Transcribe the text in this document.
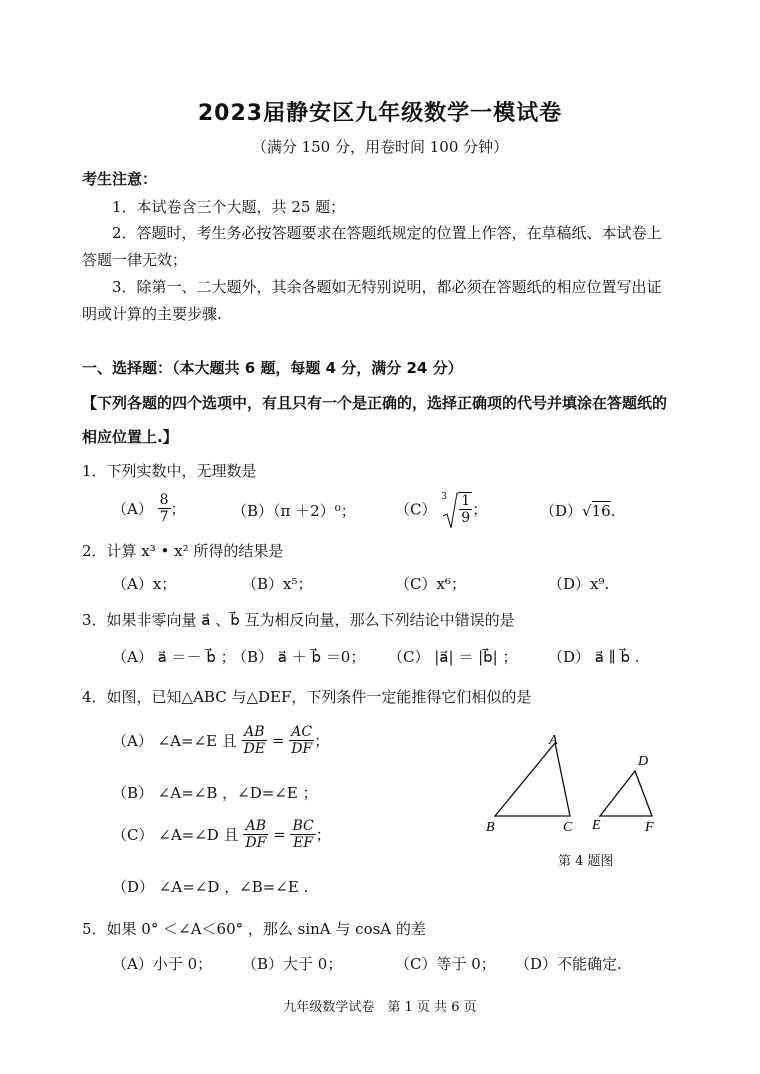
2023届静安区九年级数学一模试卷
（满分 150 分，用卷时间 100 分钟）
考生注意：
1．本试卷含三个大题，共 25 题；
2．答题时，考生务必按答题要求在答题纸规定的位置上作答，在草稿纸、本试卷上
答题一律无效；
3．除第一、二大题外，其余各题如无特别说明，都必须在答题纸的相应位置写出证
明或计算的主要步骤.
一、选择题：（本大题共 6 题，每题 4 分，满分 24 分）
【下列各题的四个选项中，有且只有一个是正确的，选择正确项的代号并填涂在答题纸的
相应位置上.】
1．下列实数中，无理数是
$(A) \frac{8}{7}$ ；	（B）（π ＋2）⁰；	（C）
$3 \frac{1}{9}$ ；	（D）√16.
2．计算 x³ • x² 所得的结果是
（A）x；	（B）x⁵；	（C）x⁶；	（D）x⁹.
3．如果非零向量 a⃗ 、b⃗ 互为相反向量，那么下列结论中错误的是
（A） a⃗ ＝－ b⃗ ；
（B） a⃗ ＋ b⃗ ＝0； （C） |a⃗| ＝ |b⃗| ； （D） a⃗ ∥ b⃗ .
4．如图，已知△ABC 与△DEF，下列条件一定能推得它们相似的是
（A） ∠A=∠E 且 $\frac{AB}{DE} = \frac{AC}{DF}$ ；
（B） ∠A=∠B ，∠D=∠E ；
（C） ∠A=∠D 且 $\frac{AB}{DF} = \frac{BC}{EF}$ ；
（D） ∠A=∠D ，∠B=∠E .
A
B	C
D
E	F
第 4 题图
5．如果 0° ＜∠A＜60° ，那么 sinA 与 cosA 的差
（A）小于 0； （B）大于 0；	（C）等于 0； （D）不能确定.
九年级数学试卷　第 1 页 共 6 页
